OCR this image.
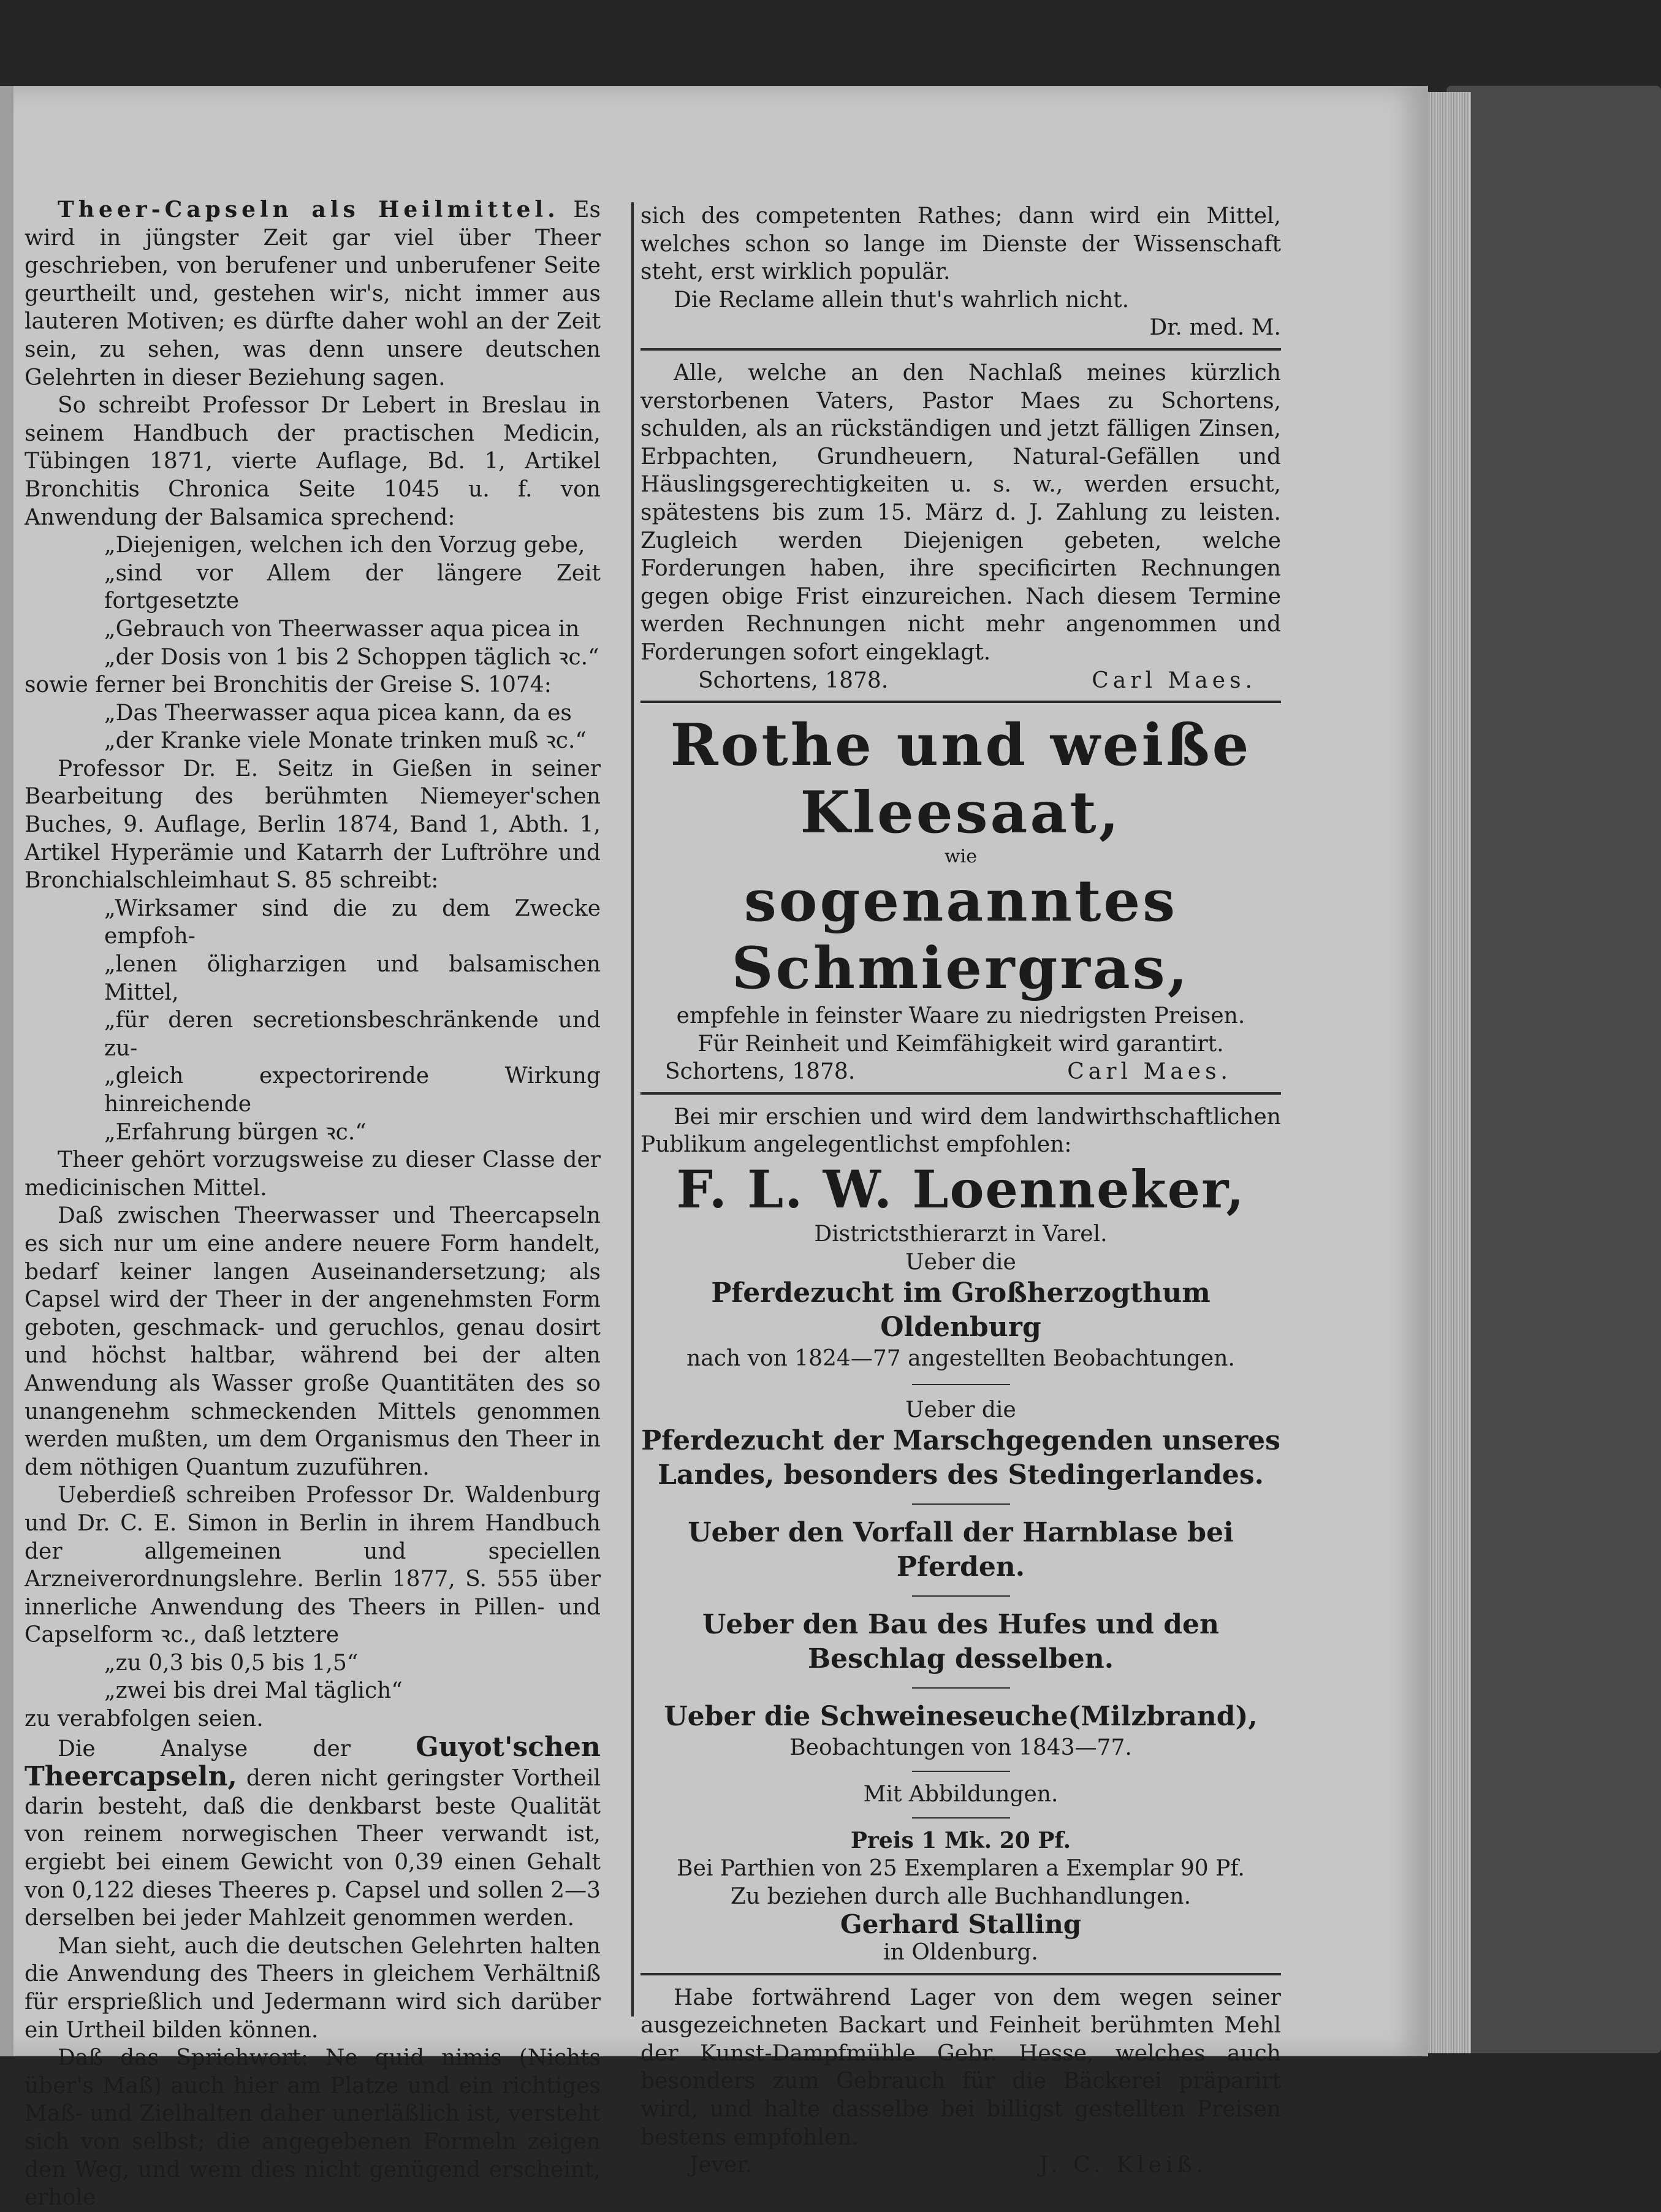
Theer-Capseln als Heilmittel. Es wird in jüngster Zeit gar viel über Theer geschrieben, von berufener und unberufener Seite geurtheilt und, gestehen wir's, nicht immer aus lauteren Motiven; es dürfte daher wohl an der Zeit sein, zu sehen, was denn unsere deutschen Gelehrten in dieser Beziehung sagen.

So schreibt Professor Dr Lebert in Breslau in seinem Handbuch der practischen Medicin, Tübingen 1871, vierte Auflage, Bd. 1, Artikel Bronchitis Chronica Seite 1045 u. f. von Anwendung der Balsamica sprechend:

„Diejenigen, welchen ich den Vorzug gebe,

„sind vor Allem der längere Zeit fortgesetzte

„Gebrauch von Theerwasser aqua picea in

„der Dosis von 1 bis 2 Schoppen täglich ꝛc.“

sowie ferner bei Bronchitis der Greise S. 1074:

„Das Theerwasser aqua picea kann, da es

„der Kranke viele Monate trinken muß ꝛc.“

Professor Dr. E. Seitz in Gießen in seiner Bearbeitung des berühmten Niemeyer'schen Buches, 9. Auflage, Berlin 1874, Band 1, Abth. 1, Artikel Hyperämie und Katarrh der Luftröhre und Bronchialschleimhaut S. 85 schreibt:

„Wirksamer sind die zu dem Zwecke empfoh-

„lenen öligharzigen und balsamischen Mittel,

„für deren secretionsbeschränkende und zu-

„gleich expectorirende Wirkung hinreichende

„Erfahrung bürgen ꝛc.“

Theer gehört vorzugsweise zu dieser Classe der medicinischen Mittel.

Daß zwischen Theerwasser und Theercapseln es sich nur um eine andere neuere Form handelt, bedarf keiner langen Auseinandersetzung; als Capsel wird der Theer in der angenehmsten Form geboten, geschmack- und geruchlos, genau dosirt und höchst haltbar, während bei der alten Anwendung als Wasser große Quantitäten des so unangenehm schmeckenden Mittels genommen werden mußten, um dem Organismus den Theer in dem nöthigen Quantum zuzuführen.

Ueberdieß schreiben Professor Dr. Waldenburg und Dr. C. E. Simon in Berlin in ihrem Handbuch der allgemeinen und speciellen Arzneiverordnungslehre. Berlin 1877, S. 555 über innerliche Anwendung des Theers in Pillen- und Capselform ꝛc., daß letztere

„zu 0,3 bis 0,5 bis 1,5“

„zwei bis drei Mal täglich“

zu verabfolgen seien.

Die Analyse der Guyot'schen Theercapseln, deren nicht geringster Vortheil darin besteht, daß die denkbarst beste Qualität von reinem norwegischen Theer verwandt ist, ergiebt bei einem Gewicht von 0,39 einen Gehalt von 0,122 dieses Theeres p. Capsel und sollen 2—3 derselben bei jeder Mahlzeit genommen werden.

Man sieht, auch die deutschen Gelehrten halten die Anwendung des Theers in gleichem Verhältniß für ersprießlich und Jedermann wird sich darüber ein Urtheil bilden können.

Daß das Sprichwort: Ne quid nimis (Nichts über's Maß) auch hier am Platze und ein richtiges Maß- und Zielhalten daher unerläßlich ist, versteht sich von selbst; die angegebenen Formeln zeigen den Weg, und wem dies nicht genügend erscheint, erhole

sich des competenten Rathes; dann wird ein Mittel, welches schon so lange im Dienste der Wissenschaft steht, erst wirklich populär.

Die Reclame allein thut's wahrlich nicht.

Dr. med. M.

Alle, welche an den Nachlaß meines kürzlich verstorbenen Vaters, Pastor Maes zu Schortens, schulden, als an rückständigen und jetzt fälligen Zinsen, Erbpachten, Grundheuern, Natural-Gefällen und Häuslingsgerechtigkeiten u. s. w., werden ersucht, spätestens bis zum 15. März d. J. Zahlung zu leisten. Zugleich werden Diejenigen gebeten, welche Forderungen haben, ihre specificirten Rechnungen gegen obige Frist einzureichen. Nach diesem Termine werden Rechnungen nicht mehr angenommen und Forderungen sofort eingeklagt.

Schortens, 1878.	Carl Maes.

Rothe und weiße Kleesaat,

wie

sogenanntes Schmiergras,

empfehle in feinster Waare zu niedrigsten Preisen.

Für Reinheit und Keimfähigkeit wird garantirt.

Schortens, 1878.	Carl Maes.

Bei mir erschien und wird dem landwirthschaftlichen Publikum angelegentlichst empfohlen:

F. L. W. Loenneker,

Districtsthierarzt in Varel.

Ueber die

Pferdezucht im Großherzogthum Oldenburg

nach von 1824—77 angestellten Beobachtungen.

Ueber die

Pferdezucht der Marschgegenden unseres Landes, besonders des Stedingerlandes.

Ueber den Vorfall der Harnblase bei Pferden.

Ueber den Bau des Hufes und den Beschlag desselben.

Ueber die Schweineseuche(Milzbrand),

Beobachtungen von 1843—77.

Mit Abbildungen.

Preis 1 Mk. 20 Pf.

Bei Parthien von 25 Exemplaren a Exemplar 90 Pf.

Zu beziehen durch alle Buchhandlungen.

Gerhard Stalling

in Oldenburg.

Habe fortwährend Lager von dem wegen seiner ausgezeichneten Backart und Feinheit berühmten Mehl der Kunst-Dampfmühle Gebr. Hesse, welches auch besonders zum Gebrauch für die Bäckerei präparirt wird, und halte dasselbe bei billigst gestellten Preisen bestens empfohlen.

Jever.	J. C. Kleiß.
